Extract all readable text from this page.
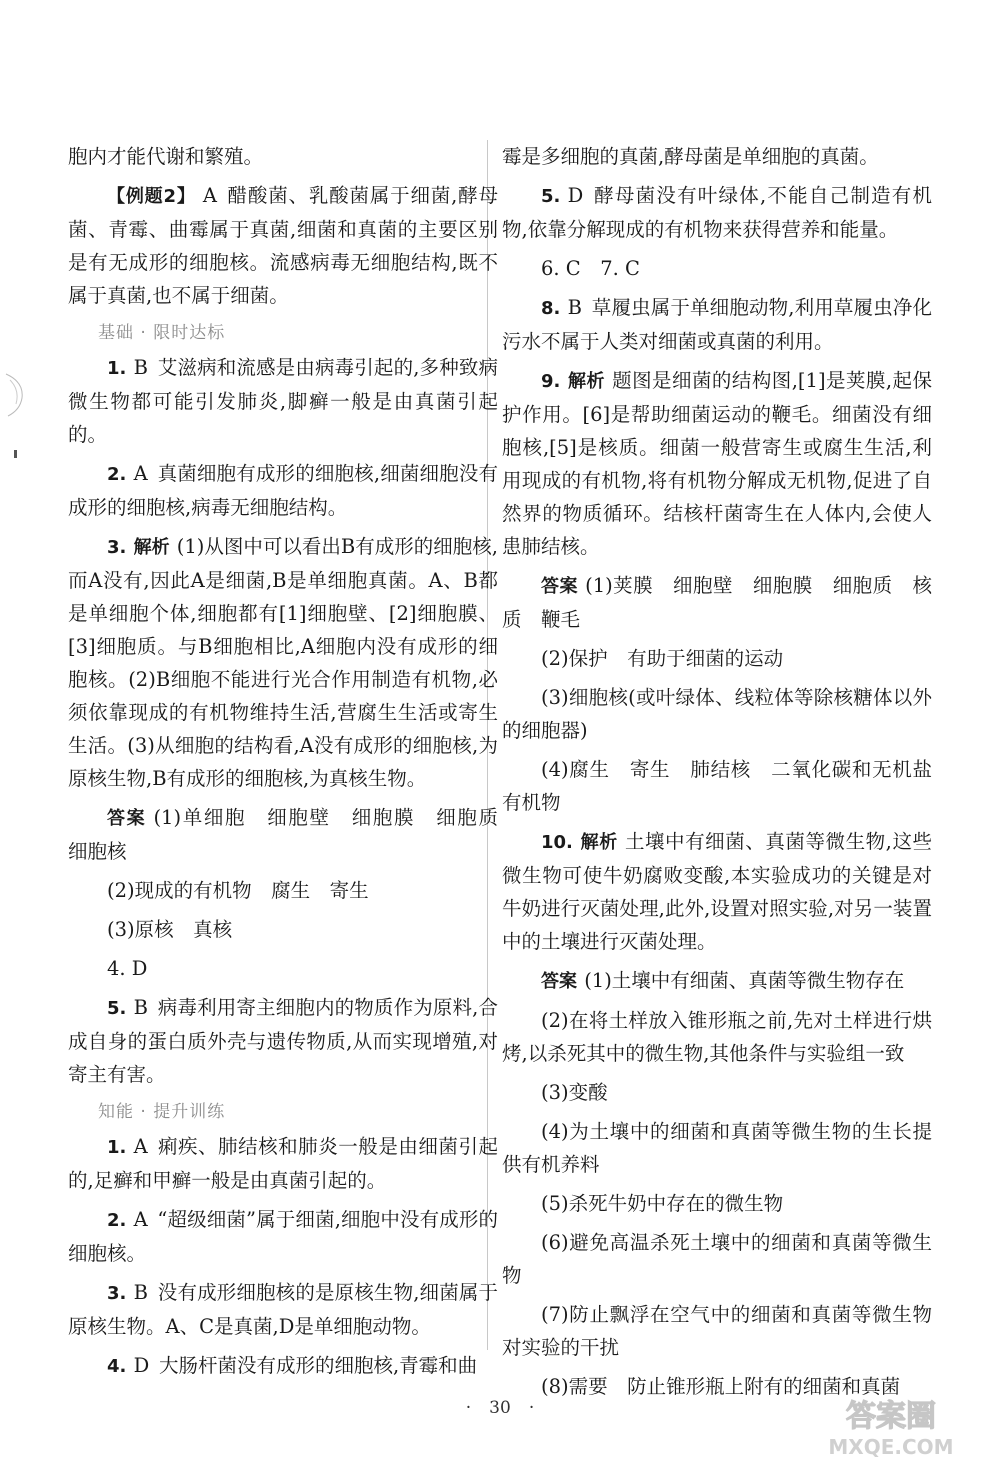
胞内才能代谢和繁殖。

【例题2】 A 醋酸菌、乳酸菌属于细菌,酵母菌、青霉、曲霉属于真菌,细菌和真菌的主要区别是有无成形的细胞核。流感病毒无细胞结构,既不属于真菌,也不属于细菌。

基础 · 限时达标

1. B 艾滋病和流感是由病毒引起的,多种致病微生物都可能引发肺炎,脚癣一般是由真菌引起的。

2. A 真菌细胞有成形的细胞核,细菌细胞没有成形的细胞核,病毒无细胞结构。

3. 解析 (1)从图中可以看出B有成形的细胞核,而A没有,因此A是细菌,B是单细胞真菌。A、B都是单细胞个体,细胞都有[1]细胞壁、[2]细胞膜、[3]细胞质。与B细胞相比,A细胞内没有成形的细胞核。(2)B细胞不能进行光合作用制造有机物,必须依靠现成的有机物维持生活,营腐生生活或寄生生活。(3)从细胞的结构看,A没有成形的细胞核,为原核生物,B有成形的细胞核,为真核生物。

答案 (1)单细胞　细胞壁　细胞膜　细胞质　细胞核

(2)现成的有机物　腐生　寄生

(3)原核　真核

4. D

5. B 病毒利用寄主细胞内的物质作为原料,合成自身的蛋白质外壳与遗传物质,从而实现增殖,对寄主有害。

知能 · 提升训练

1. A 痢疾、肺结核和肺炎一般是由细菌引起的,足癣和甲癣一般是由真菌引起的。

2. A “超级细菌”属于细菌,细胞中没有成形的细胞核。

3. B 没有成形细胞核的是原核生物,细菌属于原核生物。A、C是真菌,D是单细胞动物。

4. D 大肠杆菌没有成形的细胞核,青霉和曲

霉是多细胞的真菌,酵母菌是单细胞的真菌。

5. D 酵母菌没有叶绿体,不能自己制造有机物,依靠分解现成的有机物来获得营养和能量。

6. C　7. C

8. B 草履虫属于单细胞动物,利用草履虫净化污水不属于人类对细菌或真菌的利用。

9. 解析 题图是细菌的结构图,[1]是荚膜,起保护作用。[6]是帮助细菌运动的鞭毛。细菌没有细胞核,[5]是核质。细菌一般营寄生或腐生生活,利用现成的有机物,将有机物分解成无机物,促进了自然界的物质循环。结核杆菌寄生在人体内,会使人患肺结核。

答案 (1)荚膜　细胞壁　细胞膜　细胞质　核质　鞭毛

(2)保护　有助于细菌的运动

(3)细胞核(或叶绿体、线粒体等除核糖体以外的细胞器)

(4)腐生　寄生　肺结核　二氧化碳和无机盐　有机物

10. 解析 土壤中有细菌、真菌等微生物,这些微生物可使牛奶腐败变酸,本实验成功的关键是对牛奶进行灭菌处理,此外,设置对照实验,对另一装置中的土壤进行灭菌处理。

答案 (1)土壤中有细菌、真菌等微生物存在

(2)在将土样放入锥形瓶之前,先对土样进行烘烤,以杀死其中的微生物,其他条件与实验组一致

(3)变酸

(4)为土壤中的细菌和真菌等微生物的生长提供有机养料

(5)杀死牛奶中存在的微生物

(6)避免高温杀死土壤中的细菌和真菌等微生物

(7)防止飘浮在空气中的细菌和真菌等微生物对实验的干扰

(8)需要　防止锥形瓶上附有的细菌和真菌

· 30 ·	答案圈
MXQE.COM
